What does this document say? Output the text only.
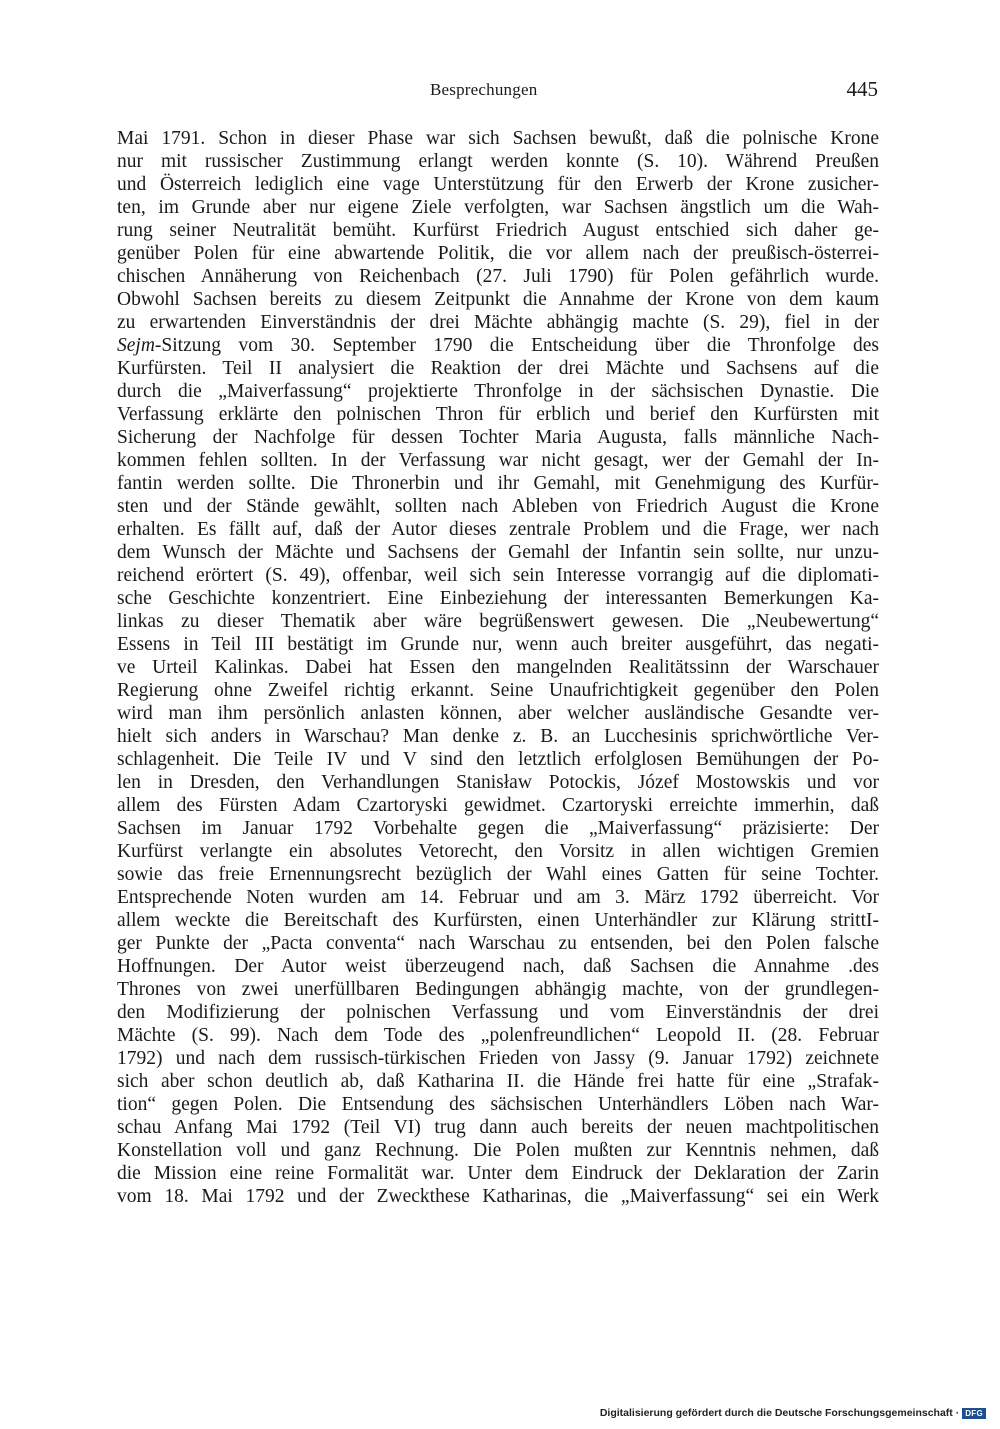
Besprechungen	445
Mai 1791. Schon in dieser Phase war sich Sachsen bewußt, daß die polnische Krone
nur mit russischer Zustimmung erlangt werden konnte (S. 10). Während Preußen
und Österreich lediglich eine vage Unterstützung für den Erwerb der Krone zusicher-
ten, im Grunde aber nur eigene Ziele verfolgten, war Sachsen ängstlich um die Wah-
rung seiner Neutralität bemüht. Kurfürst Friedrich August entschied sich daher ge-
genüber Polen für eine abwartende Politik, die vor allem nach der preußisch-österrei-
chischen Annäherung von Reichenbach (27. Juli 1790) für Polen gefährlich wurde.
Obwohl Sachsen bereits zu diesem Zeitpunkt die Annahme der Krone von dem kaum
zu erwartenden Einverständnis der drei Mächte abhängig machte (S. 29), fiel in der
Sejm-Sitzung vom 30. September 1790 die Entscheidung über die Thronfolge des
Kurfürsten. Teil II analysiert die Reaktion der drei Mächte und Sachsens auf die
durch die „Maiverfassung“ projektierte Thronfolge in der sächsischen Dynastie. Die
Verfassung erklärte den polnischen Thron für erblich und berief den Kurfürsten mit
Sicherung der Nachfolge für dessen Tochter Maria Augusta, falls männliche Nach-
kommen fehlen sollten. In der Verfassung war nicht gesagt, wer der Gemahl der In-
fantin werden sollte. Die Thronerbin und ihr Gemahl, mit Genehmigung des Kurfür-
sten und der Stände gewählt, sollten nach Ableben von Friedrich August die Krone
erhalten. Es fällt auf, daß der Autor dieses zentrale Problem und die Frage, wer nach
dem Wunsch der Mächte und Sachsens der Gemahl der Infantin sein sollte, nur unzu-
reichend erörtert (S. 49), offenbar, weil sich sein Interesse vorrangig auf die diplomati-
sche Geschichte konzentriert. Eine Einbeziehung der interessanten Bemerkungen Ka-
linkas zu dieser Thematik aber wäre begrüßenswert gewesen. Die „Neubewertung“
Essens in Teil III bestätigt im Grunde nur, wenn auch breiter ausgeführt, das negati-
ve Urteil Kalinkas. Dabei hat Essen den mangelnden Realitätssinn der Warschauer
Regierung ohne Zweifel richtig erkannt. Seine Unaufrichtigkeit gegenüber den Polen
wird man ihm persönlich anlasten können, aber welcher ausländische Gesandte ver-
hielt sich anders in Warschau? Man denke z. B. an Lucchesinis sprichwörtliche Ver-
schlagenheit. Die Teile IV und V sind den letztlich erfolglosen Bemühungen der Po-
len in Dresden, den Verhandlungen Stanisław Potockis, Józef Mostowskis und vor
allem des Fürsten Adam Czartoryski gewidmet. Czartoryski erreichte immerhin, daß
Sachsen im Januar 1792 Vorbehalte gegen die „Maiverfassung“ präzisierte: Der
Kurfürst verlangte ein absolutes Vetorecht, den Vorsitz in allen wichtigen Gremien
sowie das freie Ernennungsrecht bezüglich der Wahl eines Gatten für seine Tochter.
Entsprechende Noten wurden am 14. Februar und am 3. März 1792 überreicht. Vor
allem weckte die Bereitschaft des Kurfürsten, einen Unterhändler zur Klärung strittI-
ger Punkte der „Pacta conventa“ nach Warschau zu entsenden, bei den Polen falsche
Hoffnungen. Der Autor weist überzeugend nach, daß Sachsen die Annahme .des
Thrones von zwei unerfüllbaren Bedingungen abhängig machte, von der grundlegen-
den Modifizierung der polnischen Verfassung und vom Einverständnis der drei
Mächte (S. 99). Nach dem Tode des „polenfreundlichen“ Leopold II. (28. Februar
1792) und nach dem russisch-türkischen Frieden von Jassy (9. Januar 1792) zeichnete
sich aber schon deutlich ab, daß Katharina II. die Hände frei hatte für eine „Strafak-
tion“ gegen Polen. Die Entsendung des sächsischen Unterhändlers Löben nach War-
schau Anfang Mai 1792 (Teil VI) trug dann auch bereits der neuen machtpolitischen
Konstellation voll und ganz Rechnung. Die Polen mußten zur Kenntnis nehmen, daß
die Mission eine reine Formalität war. Unter dem Eindruck der Deklaration der Zarin
vom 18. Mai 1792 und der Zweckthese Katharinas, die „Maiverfassung“ sei ein Werk
Digitalisierung gefördert durch die Deutsche Forschungsgemeinschaft · DFG
